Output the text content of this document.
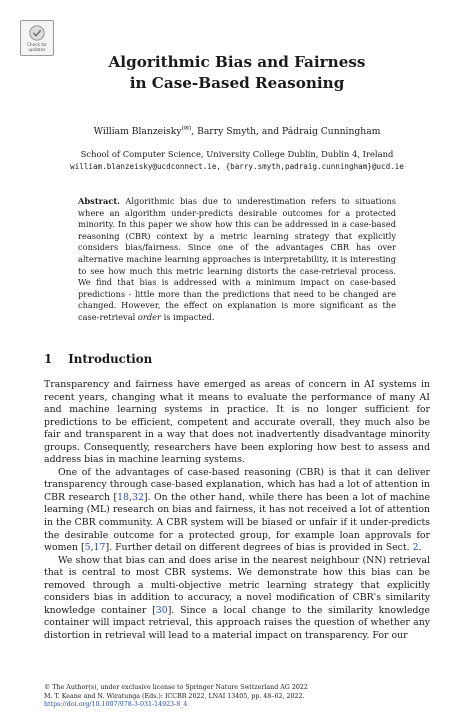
Check for
updates
Algorithmic Bias and Fairness
in Case-Based Reasoning
William Blanzeisky(✉), Barry Smyth, and Pádraig Cunningham
School of Computer Science, University College Dublin, Dublin 4, Ireland
william.blanzeisky@ucdconnect.ie, {barry.smyth,padraig.cunningham}@ucd.ie
Abstract. Algorithmic bias due to underestimation refers to situations where an algorithm under-predicts desirable outcomes for a protected minority. In this paper we show how this can be addressed in a case-based reasoning (CBR) context by a metric learning strategy that explicitly considers bias/fairness. Since one of the advantages CBR has over alternative machine learning approaches is interpretability, it is interesting to see how much this metric learning distorts the case-retrieval process. We find that bias is addressed with a minimum impact on case-based predictions - little more than the predictions that need to be changed are changed. However, the effect on explanation is more significant as the case-retrieval order is impacted.
1 Introduction

Transparency and fairness have emerged as areas of concern in AI systems in recent years, changing what it means to evaluate the performance of many AI and machine learning systems in practice. It is no longer sufficient for predictions to be efficient, competent and accurate overall, they much also be fair and transparent in a way that does not inadvertently disadvantage minority groups. Consequently, researchers have been exploring how best to assess and address bias in machine learning systems.

One of the advantages of case-based reasoning (CBR) is that it can deliver transparency through case-based explanation, which has had a lot of attention in CBR research [18,32]. On the other hand, while there has been a lot of machine learning (ML) research on bias and fairness, it has not received a lot of attention in the CBR community. A CBR system will be biased or unfair if it under-predicts the desirable outcome for a protected group, for example loan approvals for women [5,17]. Further detail on different degrees of bias is provided in Sect. 2.

We show that bias can and does arise in the nearest neighbour (NN) retrieval that is central to most CBR systems. We demonstrate how this bias can be removed through a multi-objective metric learning strategy that explicitly considers bias in addition to accuracy, a novel modification of CBR's similarity knowledge container [30]. Since a local change to the similarity knowledge container will impact retrieval, this approach raises the question of whether any distortion in retrieval will lead to a material impact on transparency. For our

© The Author(s), under exclusive license to Springer Nature Switzerland AG 2022
M. T. Keane and N. Wiratunga (Eds.): ICCBR 2022, LNAI 13405, pp. 48–62, 2022.
https://doi.org/10.1007/978-3-031-14923-8_4
